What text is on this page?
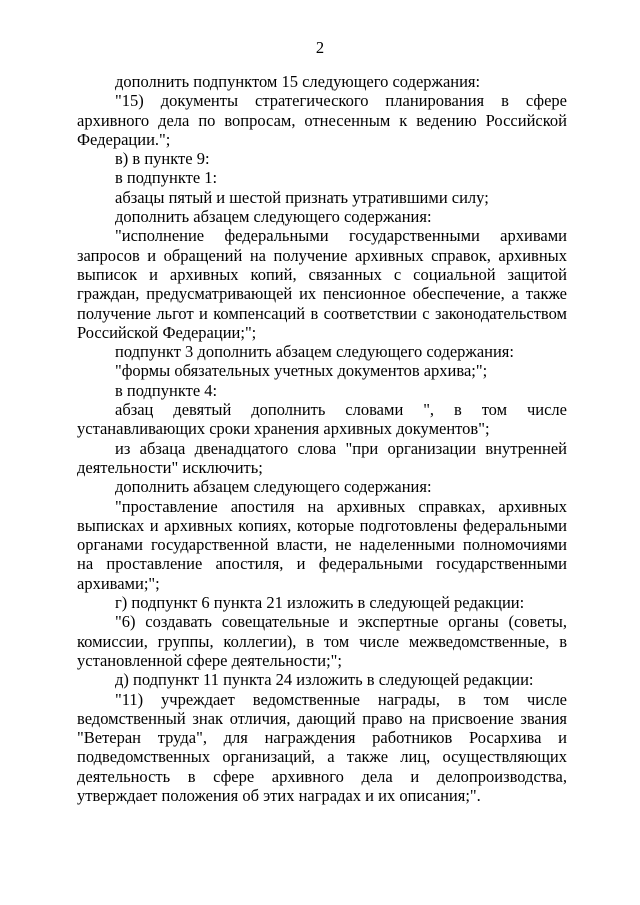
2

дополнить подпунктом 15 следующего содержания:

"15) документы стратегического планирования в сфере архивного дела по вопросам, отнесенным к ведению Российской Федерации.";

в) в пункте 9:

в подпункте 1:

абзацы пятый и шестой признать утратившими силу;

дополнить абзацем следующего содержания:

"исполнение федеральными государственными архивами запросов и обращений на получение архивных справок, архивных выписок и архивных копий, связанных с социальной защитой граждан, предусматривающей их пенсионное обеспечение, а также получение льгот и компенсаций в соответствии с законодательством Российской Федерации;";

подпункт 3 дополнить абзацем следующего содержания:

"формы обязательных учетных документов архива;";

в подпункте 4:

абзац девятый дополнить словами ", в том числе устанавливающих сроки хранения архивных документов";

из абзаца двенадцатого слова "при организации внутренней деятельности" исключить;

дополнить абзацем следующего содержания:

"проставление апостиля на архивных справках, архивных выписках и архивных копиях, которые подготовлены федеральными органами государственной власти, не наделенными полномочиями на проставление апостиля, и федеральными государственными архивами;";

г) подпункт 6 пункта 21 изложить в следующей редакции:

"6) создавать совещательные и экспертные органы (советы, комиссии, группы, коллегии), в том числе межведомственные, в установленной сфере деятельности;";

д) подпункт 11 пункта 24 изложить в следующей редакции:

"11) учреждает ведомственные награды, в том числе ведомственный знак отличия, дающий право на присвоение звания "Ветеран труда", для награждения работников Росархива и подведомственных организаций, а также лиц, осуществляющих деятельность в сфере архивного дела и делопроизводства, утверждает положения об этих наградах и их описания;".
